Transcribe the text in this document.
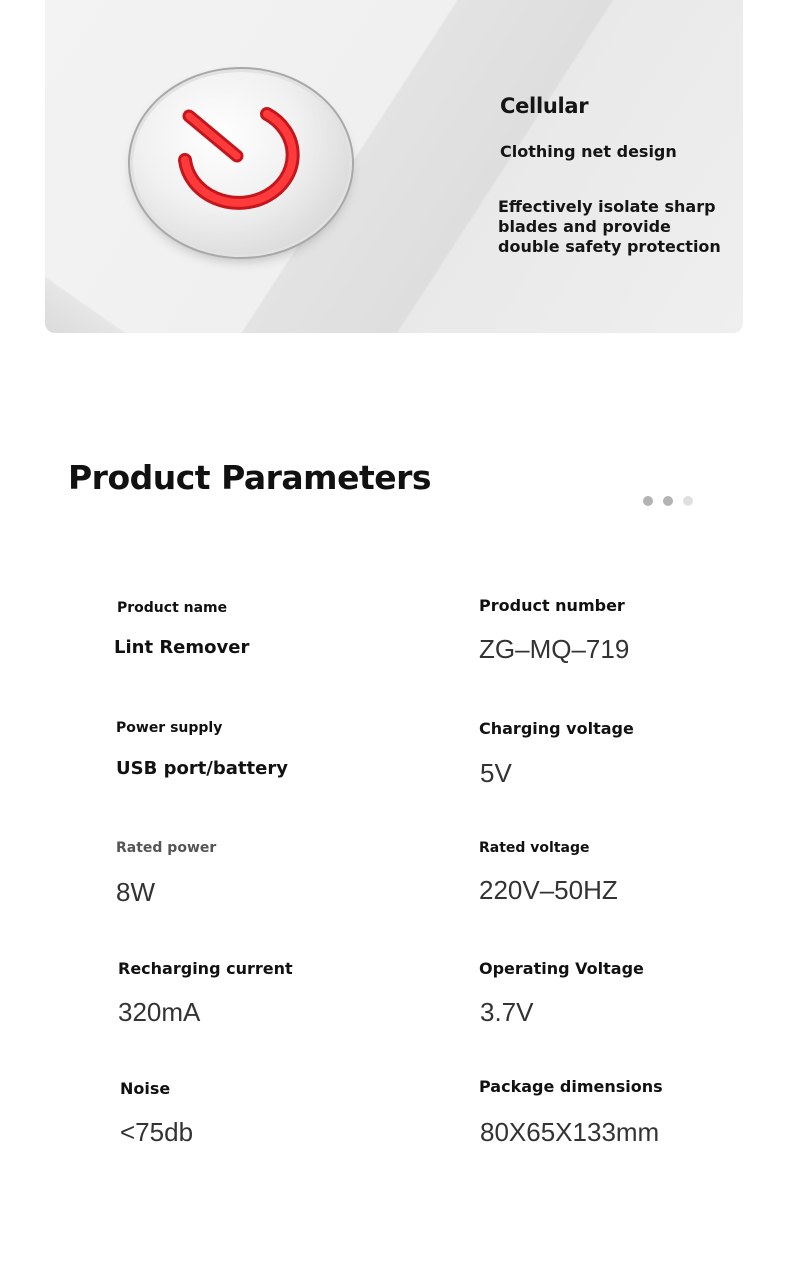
Cellular
Clothing net design
Effectively isolate sharp blades and provide double safety protection
Product Parameters
Product name
Lint Remover
Product number
ZG–MQ–719
Power supply
USB port/battery
Charging voltage
5V
Rated power
8W
Rated voltage
220V–50HZ
Recharging current
320mA
Operating Voltage
3.7V
Noise
<75db
Package dimensions
80X65X133mm
